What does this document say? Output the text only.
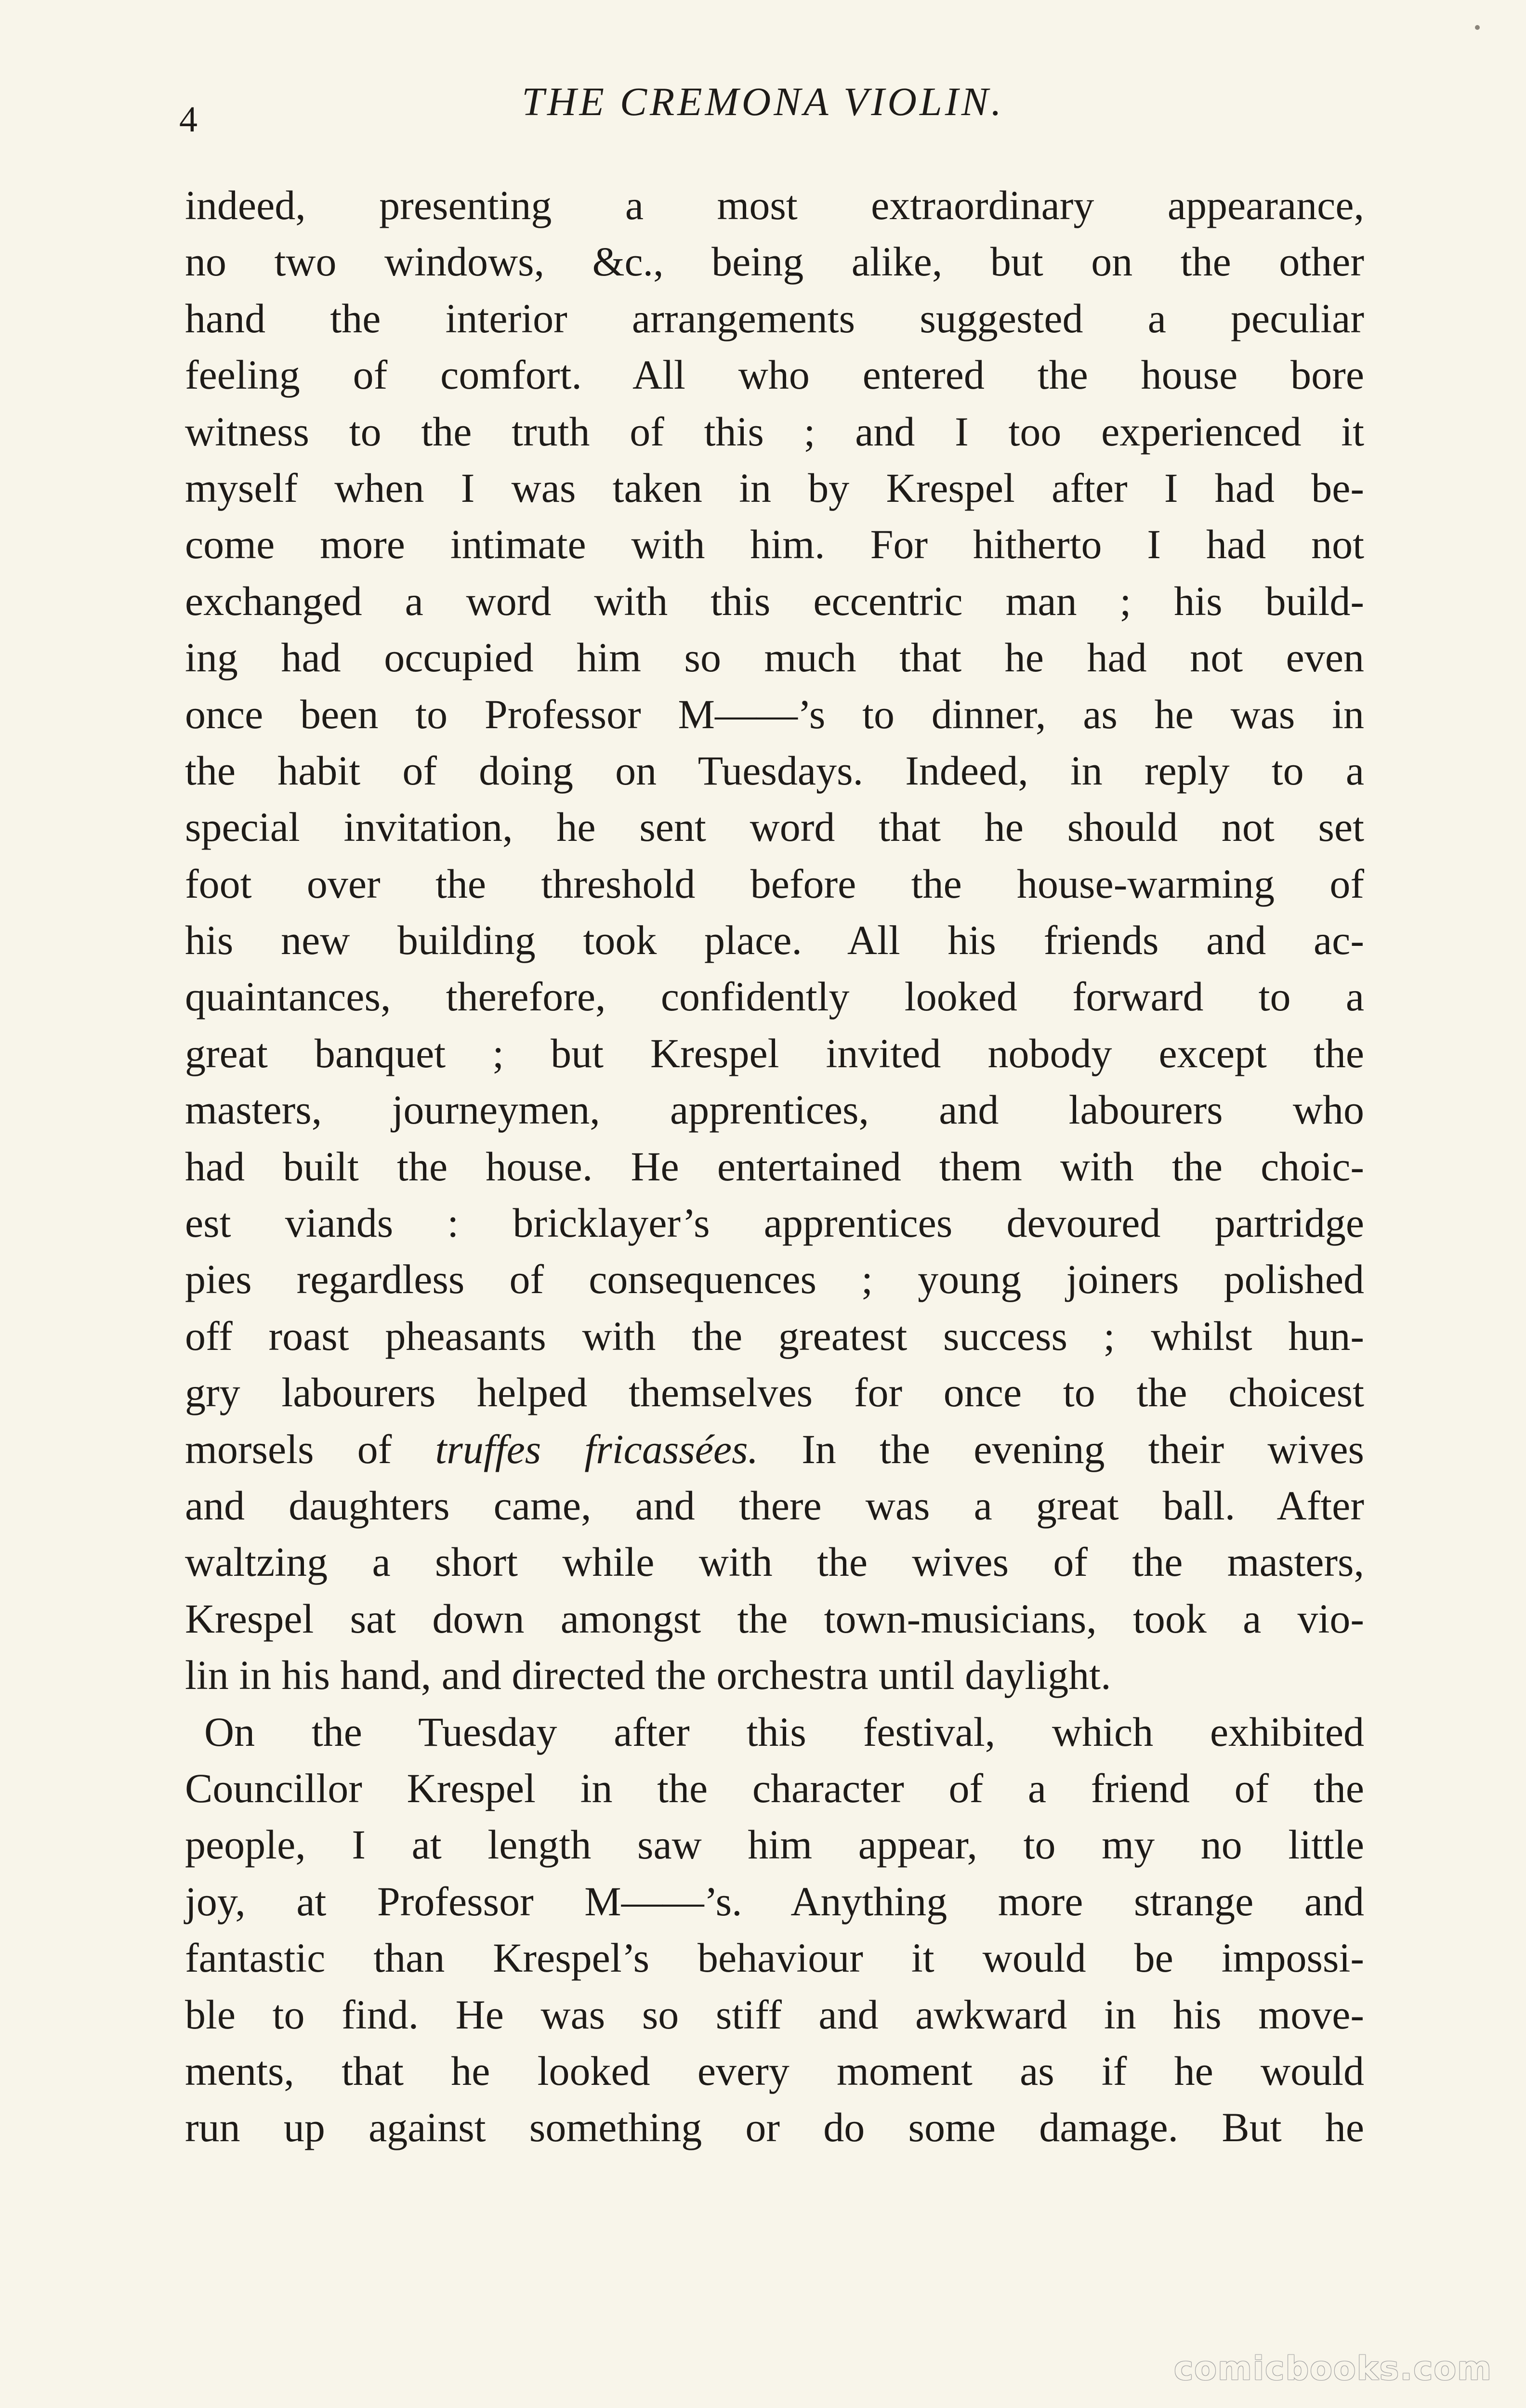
4	THE CREMONA VIOLIN.
indeed, presenting a most extraordinary appearance,
no two windows, &c., being alike, but on the other
hand the interior arrangements suggested a peculiar
feeling of comfort. All who entered the house bore
witness to the truth of this ; and I too experienced it
myself when I was taken in by Krespel after I had be-
come more intimate with him. For hitherto I had not
exchanged a word with this eccentric man ; his build-
ing had occupied him so much that he had not even
once been to Professor M——’s to dinner, as he was in
the habit of doing on Tuesdays. Indeed, in reply to a
special invitation, he sent word that he should not set
foot over the threshold before the house-warming of
his new building took place. All his friends and ac-
quaintances, therefore, confidently looked forward to a
great banquet ; but Krespel invited nobody except the
masters, journeymen, apprentices, and labourers who
had built the house. He entertained them with the choic-
est viands : bricklayer’s apprentices devoured partridge
pies regardless of consequences ; young joiners polished
off roast pheasants with the greatest success ; whilst hun-
gry labourers helped themselves for once to the choicest
morsels of truffes fricassées. In the evening their wives
and daughters came, and there was a great ball. After
waltzing a short while with the wives of the masters,
Krespel sat down amongst the town-musicians, took a vio-
lin in his hand, and directed the orchestra until daylight.
On the Tuesday after this festival, which exhibited
Councillor Krespel in the character of a friend of the
people, I at length saw him appear, to my no little
joy, at Professor M——’s. Anything more strange and
fantastic than Krespel’s behaviour it would be impossi-
ble to find. He was so stiff and awkward in his move-
ments, that he looked every moment as if he would
run up against something or do some damage. But he
comicbooks.com
